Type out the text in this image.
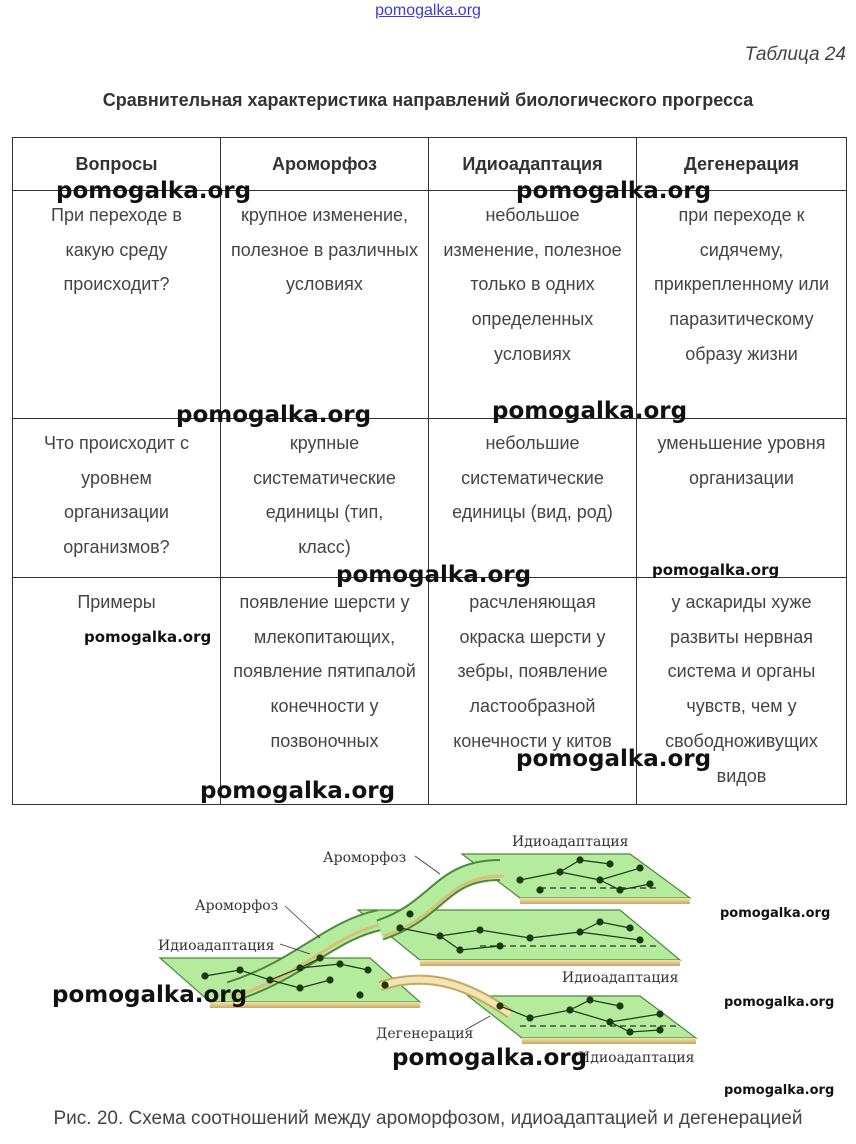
pomogalka.org
Таблица 24
Сравнительная характеристика направлений биологического прогресса
Вопросы	Ароморфоз	Идиоадаптация	Дегенерация
При переходе в какую среду происходит?	крупное изменение, полезное в различных условиях	небольшое изменение, полезное только в одних определенных условиях	при переходе к сидячему, прикрепленному или паразитическому образу жизни
Что происходит с уровнем организации организмов?	крупные систематические единицы (тип, класс)	небольшие систематические единицы (вид, род)	уменьшение уровня организации
Примеры	появление шерсти у млекопитающих, появление пятипалой конечности у позвоночных	расчленяющая окраска шерсти у зебры, появление ластообразной конечности у китов	у аскариды хуже развиты нервная система и органы чувств, чем у свободноживущих видов
pomogalka.org	pomogalka.org
pomogalka.org	pomogalka.org
pomogalka.org	pomogalka.org
pomogalka.org
pomogalka.org
pomogalka.org
Идиоадаптация
Ароморфоз
Ароморфоз
Идиоадаптация
Идиоадаптация
Дегенерация
Идиоадаптация
pomogalka.org
pomogalka.org
pomogalka.org
pomogalka.org
pomogalka.org
Рис. 20. Схема соотношений между ароморфозом, идиоадаптацией и дегенерацией
